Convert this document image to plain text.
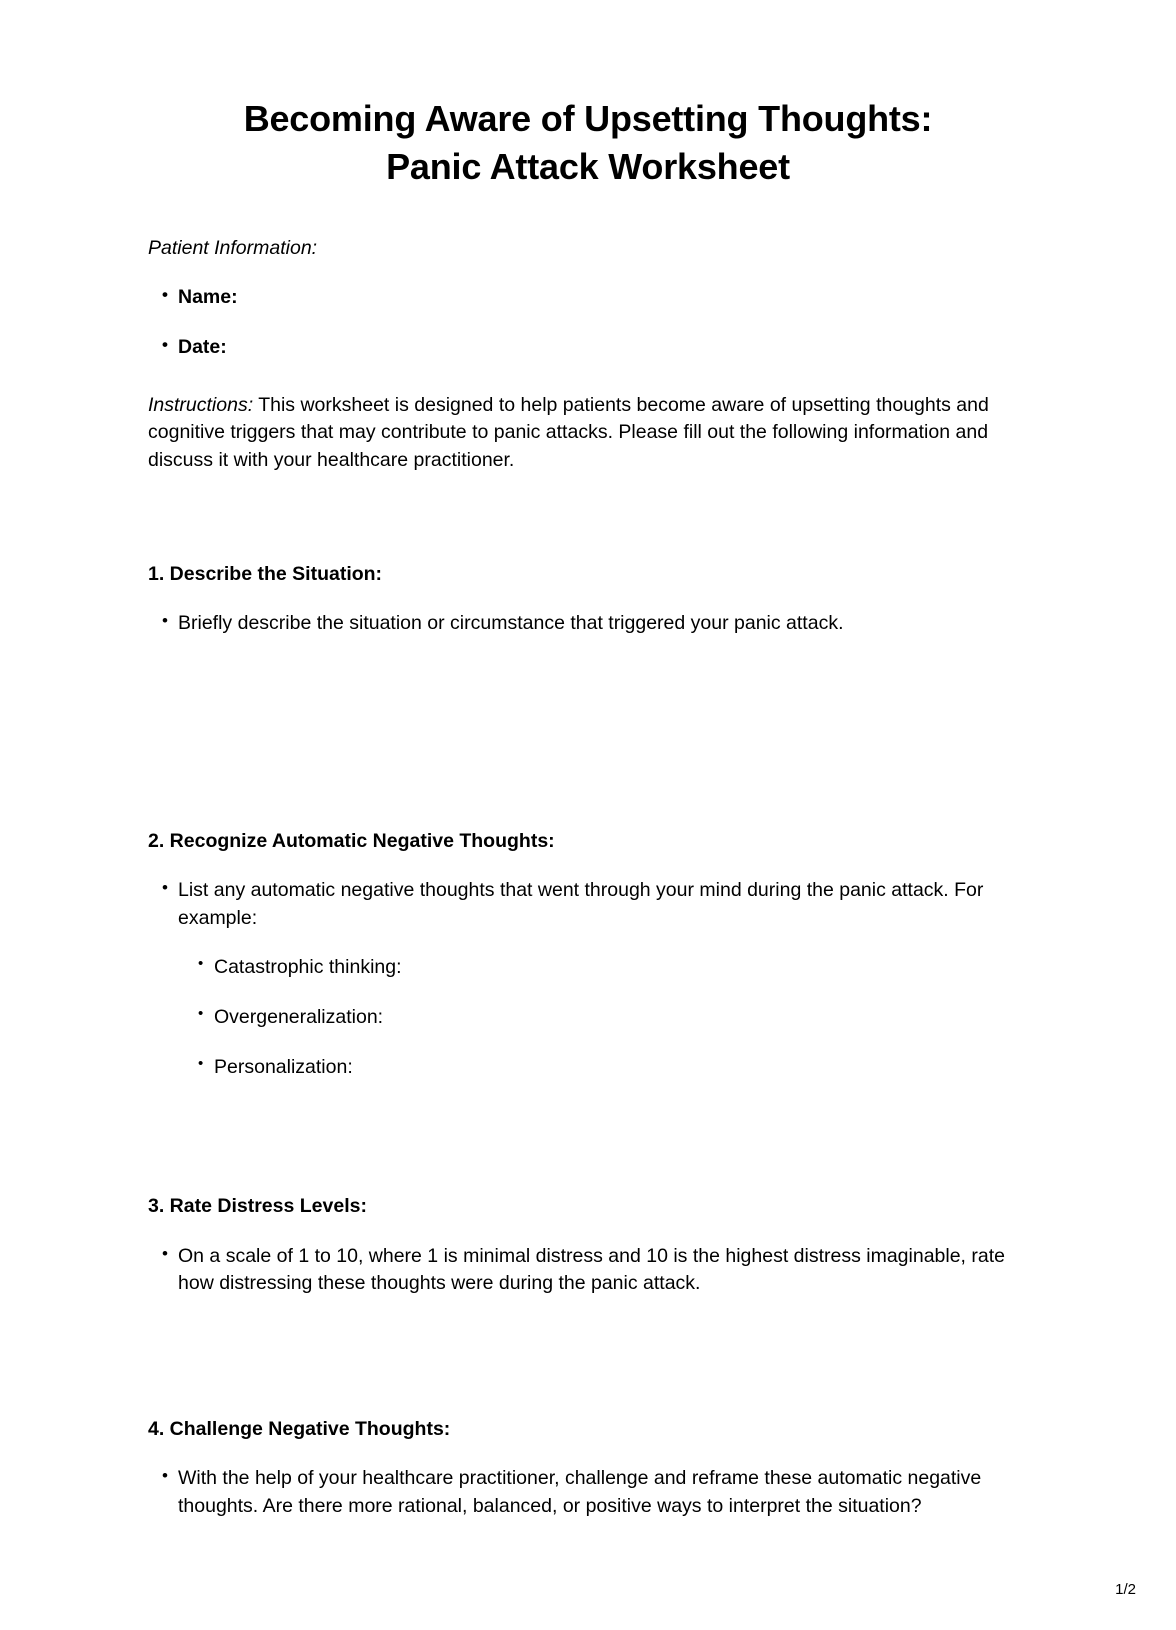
Becoming Aware of Upsetting Thoughts:
Panic Attack Worksheet

Patient Information:

• Name:
• Date:

Instructions: This worksheet is designed to help patients become aware of upsetting thoughts and cognitive triggers that may contribute to panic attacks. Please fill out the following information and discuss it with your healthcare practitioner.

1. Describe the Situation:

• Briefly describe the situation or circumstance that triggered your panic attack.

2. Recognize Automatic Negative Thoughts:

• List any automatic negative thoughts that went through your mind during the panic attack. For example:
• Catastrophic thinking:
• Overgeneralization:
• Personalization:

3. Rate Distress Levels:

• On a scale of 1 to 10, where 1 is minimal distress and 10 is the highest distress imaginable, rate how distressing these thoughts were during the panic attack.

4. Challenge Negative Thoughts:

• With the help of your healthcare practitioner, challenge and reframe these automatic negative thoughts. Are there more rational, balanced, or positive ways to interpret the situation?
1/2
